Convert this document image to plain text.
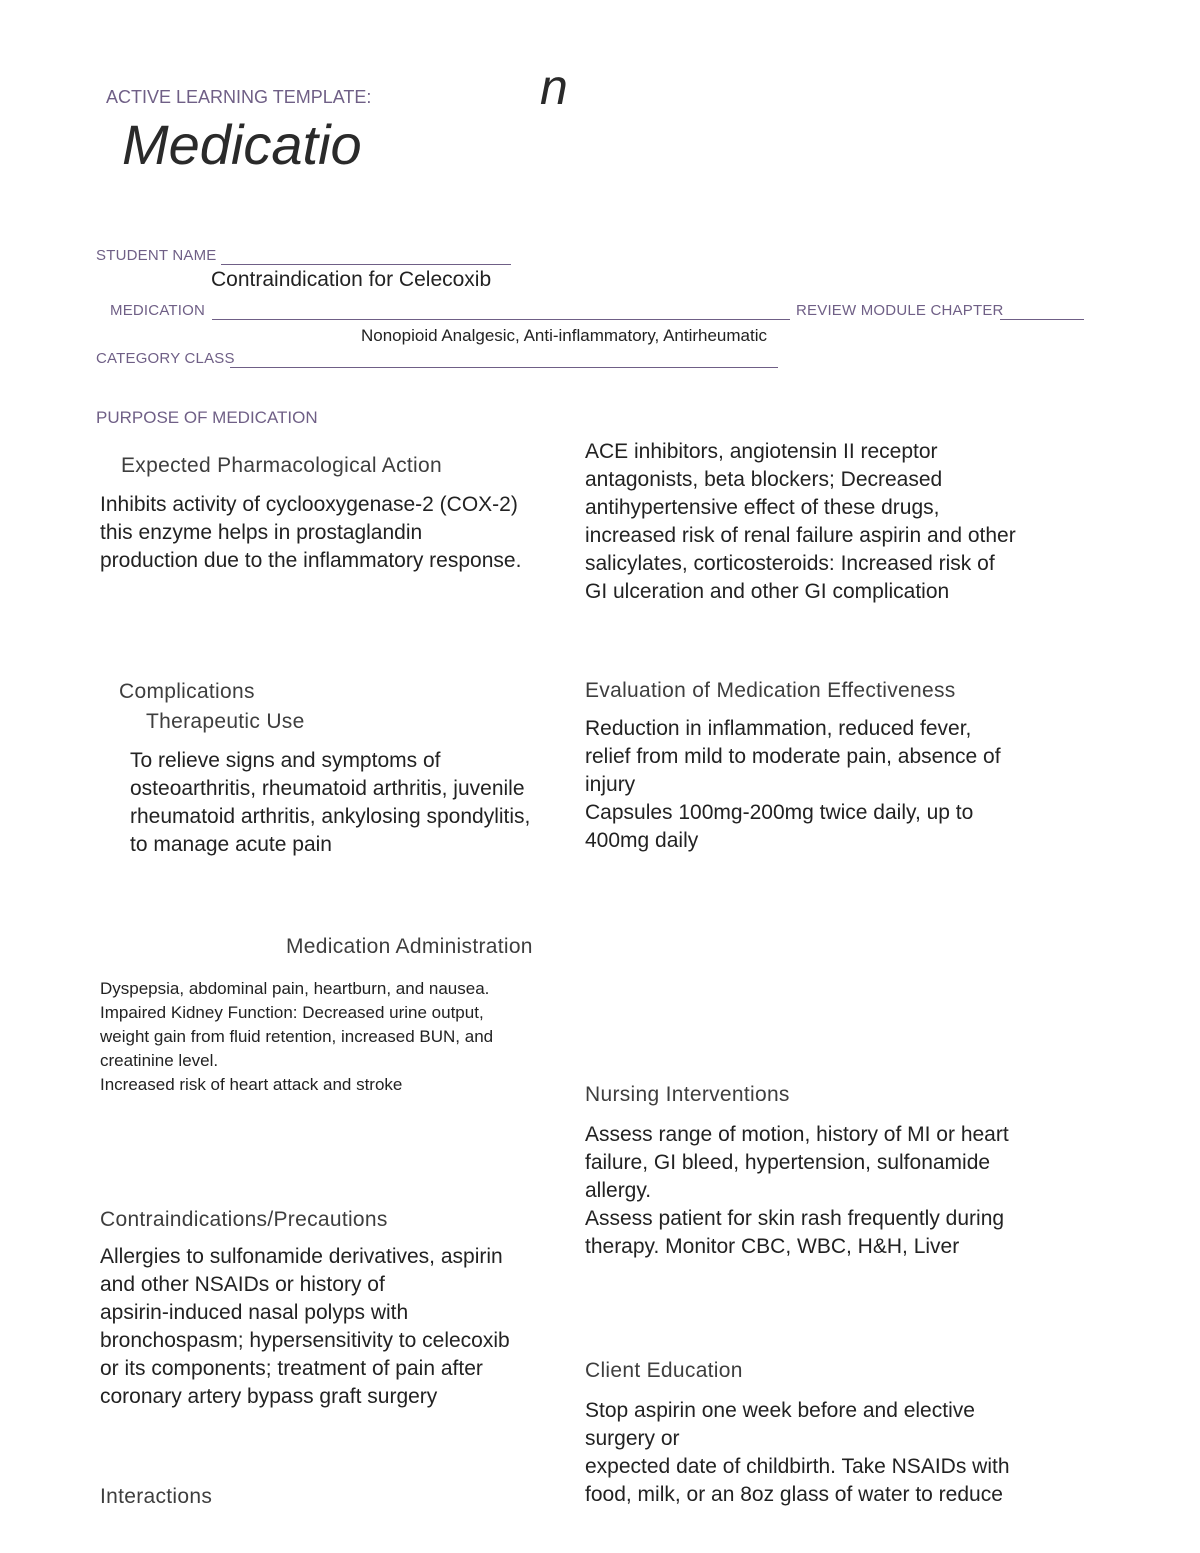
ACTIVE LEARNING TEMPLATE:	n
Medicatio
STUDENT NAME
Contraindication for Celecoxib
MEDICATION	REVIEW MODULE CHAPTER
Nonopioid Analgesic, Anti-inflammatory, Antirheumatic
CATEGORY CLASS
PURPOSE OF MEDICATION
Expected Pharmacological Action
Inhibits activity of cyclooxygenase-2 (COX-2)
this enzyme helps in prostaglandin
production due to the inflammatory response.
ACE inhibitors, angiotensin II receptor
antagonists, beta blockers; Decreased
antihypertensive effect of these drugs,
increased risk of renal failure aspirin and other
salicylates, corticosteroids: Increased risk of
GI ulceration and other GI complication
Complications
Therapeutic Use
To relieve signs and symptoms of
osteoarthritis, rheumatoid arthritis, juvenile
rheumatoid arthritis, ankylosing spondylitis,
to manage acute pain
Evaluation of Medication Effectiveness
Reduction in inflammation, reduced fever,
relief from mild to moderate pain, absence of
injury
Capsules 100mg-200mg twice daily, up to
400mg daily
Medication Administration
Dyspepsia, abdominal pain, heartburn, and nausea.
Impaired Kidney Function: Decreased urine output,
weight gain from fluid retention, increased BUN, and
creatinine level.
Increased risk of heart attack and stroke	Nursing Interventions
Assess range of motion, history of MI or heart
failure, GI bleed, hypertension, sulfonamide
allergy.
Assess patient for skin rash frequently during
therapy. Monitor CBC, WBC, H&H, Liver
Contraindications/Precautions
Allergies to sulfonamide derivatives, aspirin
and other NSAIDs or history of
apsirin-induced nasal polyps with
bronchospasm; hypersensitivity to celecoxib
or its components; treatment of pain after
coronary artery bypass graft surgery
Client Education
Stop aspirin one week before and elective
surgery or
expected date of childbirth. Take NSAIDs with
food, milk, or an 8oz glass of water to reduce
Interactions
